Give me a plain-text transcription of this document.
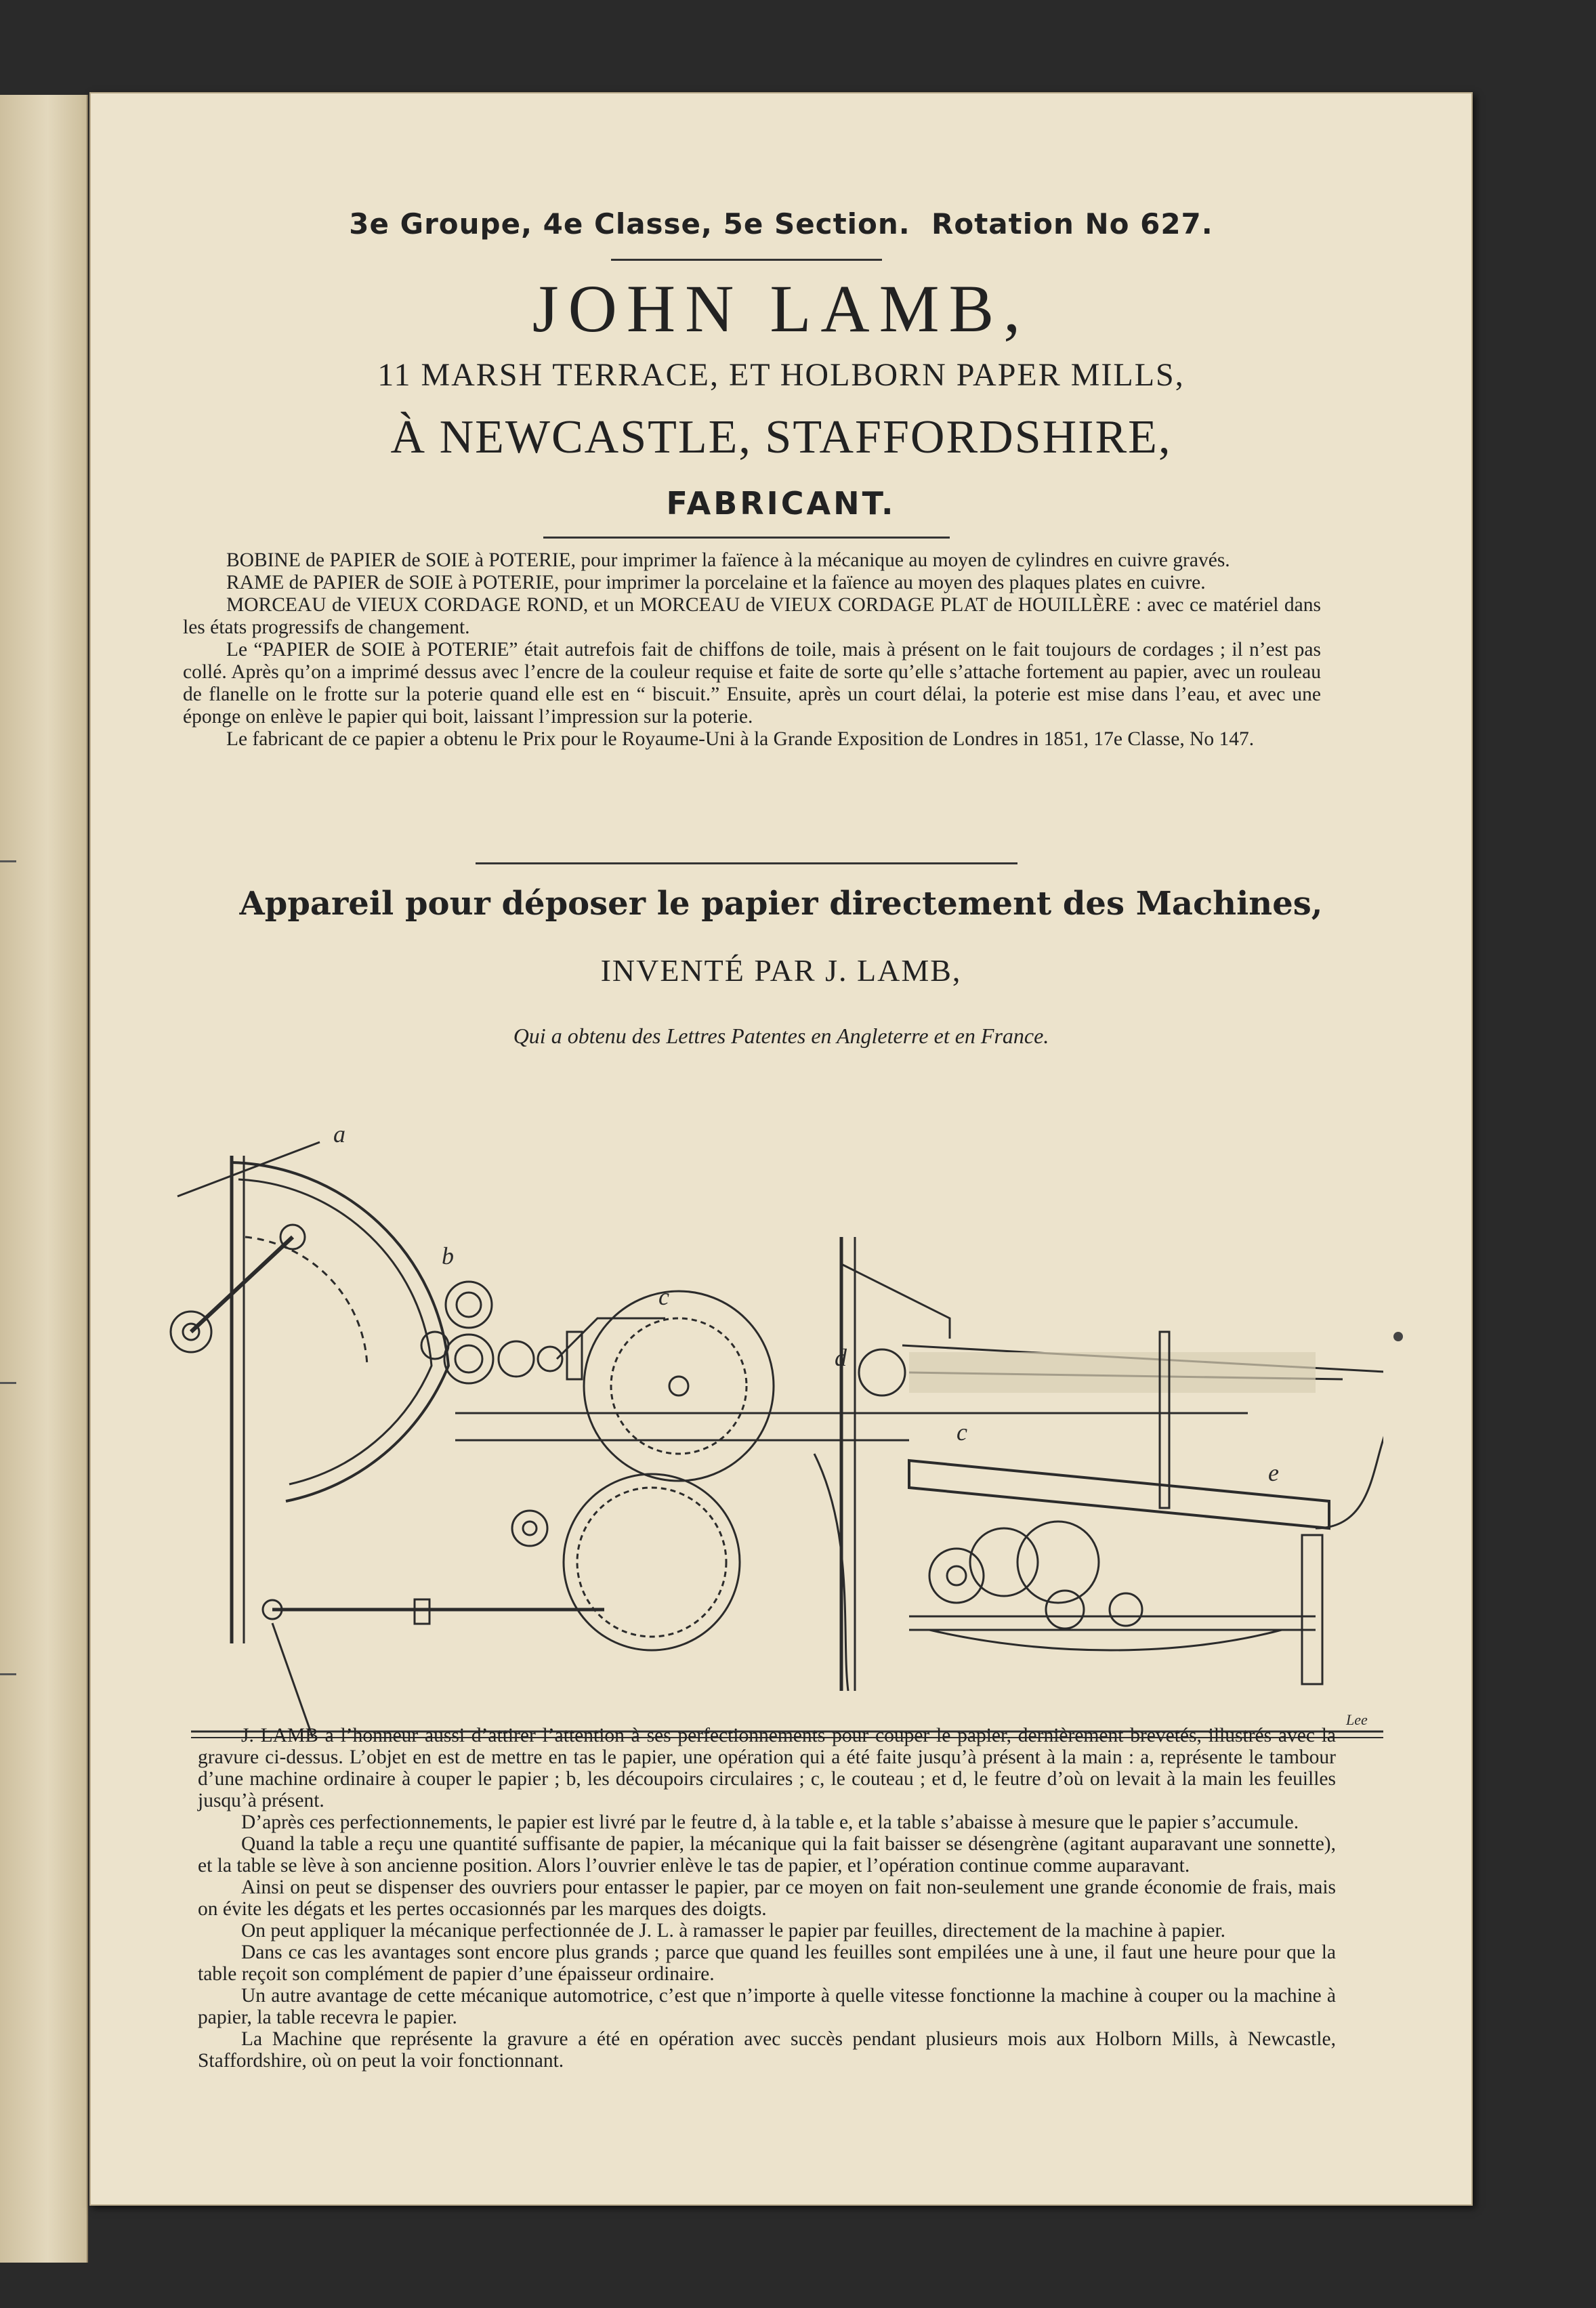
3e Groupe, 4e Classe, 5e Section. Rotation No 627.
JOHN LAMB,
11 MARSH TERRACE, ET HOLBORN PAPER MILLS,
À NEWCASTLE, STAFFORDSHIRE,
FABRICANT.

BOBINE de PAPIER de SOIE à POTERIE, pour imprimer la faïence à la mécanique au moyen de cylindres en cuivre gravés.

RAME de PAPIER de SOIE à POTERIE, pour imprimer la porcelaine et la faïence au moyen des plaques plates en cuivre.

MORCEAU de VIEUX CORDAGE ROND, et un MORCEAU de VIEUX CORDAGE PLAT de HOUILLÈRE : avec ce matériel dans les états progressifs de changement.

Le “PAPIER de SOIE à POTERIE” était autrefois fait de chiffons de toile, mais à présent on le fait toujours de cordages ; il n’est pas collé. Après qu’on a imprimé dessus avec l’encre de la couleur requise et faite de sorte qu’elle s’attache fortement au papier, avec un rouleau de flanelle on le frotte sur la poterie quand elle est en “ biscuit.” Ensuite, après un court délai, la poterie est mise dans l’eau, et avec une éponge on enlève le papier qui boit, laissant l’impression sur la poterie.

Le fabricant de ce papier a obtenu le Prix pour le Royaume-Uni à la Grande Exposition de Londres in 1851, 17e Classe, No 147.

Appareil pour déposer le papier directement des Machines,
INVENTÉ PAR J. LAMB,
Qui a obtenu des Lettres Patentes en Angleterre et en France.
a
b
c
d
c
e
Lee

J. LAMB a l’honneur aussi d’attirer l’attention à ses perfectionnements pour couper le papier, dernièrement brevetés, illustrés avec la gravure ci-dessus. L’objet en est de mettre en tas le papier, une opération qui a été faite jusqu’à présent à la main : a, représente le tambour d’une machine ordinaire à couper le papier ; b, les découpoirs circulaires ; c, le couteau ; et d, le feutre d’où on levait à la main les feuilles jusqu’à présent.

D’après ces perfectionnements, le papier est livré par le feutre d, à la table e, et la table s’abaisse à mesure que le papier s’accumule.

Quand la table a reçu une quantité suffisante de papier, la mécanique qui la fait baisser se désengrène (agitant auparavant une sonnette), et la table se lève à son ancienne position. Alors l’ouvrier enlève le tas de papier, et l’opération continue comme auparavant.

Ainsi on peut se dispenser des ouvriers pour entasser le papier, par ce moyen on fait non-seulement une grande économie de frais, mais on évite les dégats et les pertes occasionnés par les marques des doigts.

On peut appliquer la mécanique perfectionnée de J. L. à ramasser le papier par feuilles, directement de la machine à papier.

Dans ce cas les avantages sont encore plus grands ; parce que quand les feuilles sont empilées une à une, il faut une heure pour que la table reçoit son complément de papier d’une épaisseur ordinaire.

Un autre avantage de cette mécanique automotrice, c’est que n’importe à quelle vitesse fonctionne la machine à couper ou la machine à papier, la table recevra le papier.

La Machine que représente la gravure a été en opération avec succès pendant plusieurs mois aux Holborn Mills, à Newcastle, Staffordshire, où on peut la voir fonctionnant.
